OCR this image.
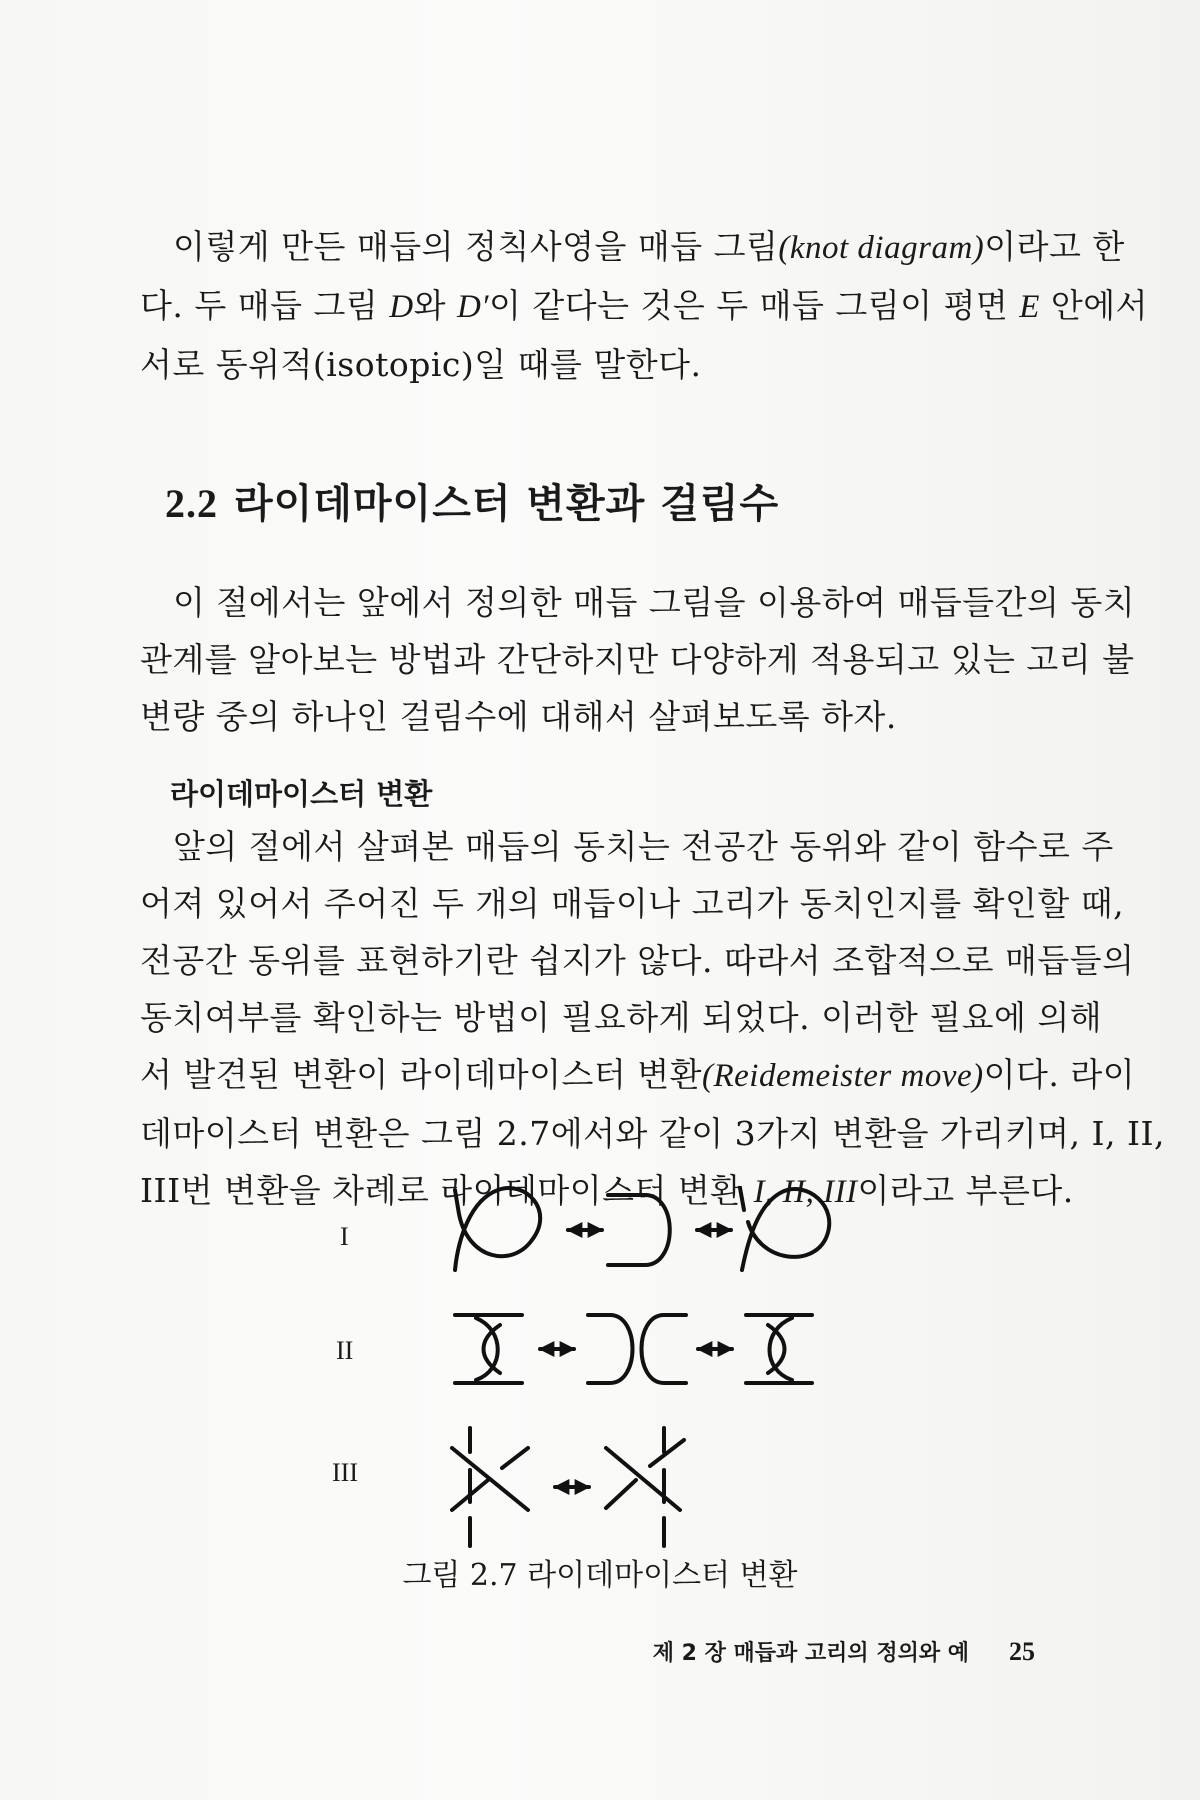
이렇게 만든 매듭의 정칙사영을 매듭 그림(knot diagram)이라고 한

다. 두 매듭 그림 D와 D′이 같다는 것은 두 매듭 그림이 평면 E 안에서

서로 동위적(isotopic)일 때를 말한다.

2.2 라이데마이스터 변환과 걸림수

이 절에서는 앞에서 정의한 매듭 그림을 이용하여 매듭들간의 동치

관계를 알아보는 방법과 간단하지만 다양하게 적용되고 있는 고리 불

변량 중의 하나인 걸림수에 대해서 살펴보도록 하자.

라이데마이스터 변환

앞의 절에서 살펴본 매듭의 동치는 전공간 동위와 같이 함수로 주

어져 있어서 주어진 두 개의 매듭이나 고리가 동치인지를 확인할 때,

전공간 동위를 표현하기란 쉽지가 않다. 따라서 조합적으로 매듭들의

동치여부를 확인하는 방법이 필요하게 되었다. 이러한 필요에 의해

서 발견된 변환이 라이데마이스터 변환(Reidemeister move)이다. 라이

데마이스터 변환은 그림 2.7에서와 같이 3가지 변환을 가리키며, I, II,

III번 변환을 차례로 라이데마이스터 변환 I, II, III이라고 부른다.

I
II
III

그림 2.7 라이데마이스터 변환

제 2 장 매듭과 고리의 정의와 예 25
